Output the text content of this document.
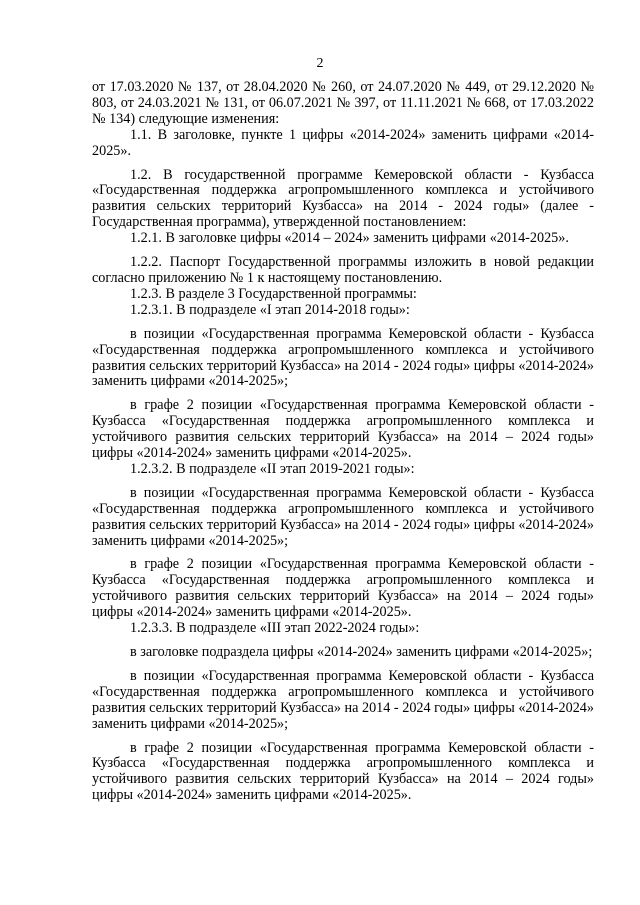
2

от 17.03.2020 № 137, от 28.04.2020 № 260, от 24.07.2020 № 449, от 29.12.2020 № 803, от 24.03.2021 № 131, от 06.07.2021 № 397, от 11.11.2021 № 668, от 17.03.2022 № 134) следующие изменения:

1.1. В заголовке, пункте 1 цифры «2014-2024» заменить цифрами «2014-2025».

1.2. В государственной программе Кемеровской области - Кузбасса «Государственная поддержка агропромышленного комплекса и устойчивого развития сельских территорий Кузбасса» на 2014 - 2024 годы» (далее - Государственная программа), утвержденной постановлением:

1.2.1. В заголовке цифры «2014 – 2024» заменить цифрами «2014-2025».

1.2.2. Паспорт Государственной программы изложить в новой редакции согласно приложению № 1 к настоящему постановлению.

1.2.3. В разделе 3 Государственной программы:

1.2.3.1. В подразделе «I этап 2014-2018 годы»:

в позиции «Государственная программа Кемеровской области - Кузбасса «Государственная поддержка агропромышленного комплекса и устойчивого развития сельских территорий Кузбасса» на 2014 - 2024 годы» цифры «2014-2024» заменить цифрами «2014-2025»;

в графе 2 позиции «Государственная программа Кемеровской области - Кузбасса «Государственная поддержка агропромышленного комплекса и устойчивого развития сельских территорий Кузбасса» на 2014 – 2024 годы» цифры «2014-2024» заменить цифрами «2014-2025».

1.2.3.2. В подразделе «II этап 2019-2021 годы»:

в позиции «Государственная программа Кемеровской области - Кузбасса «Государственная поддержка агропромышленного комплекса и устойчивого развития сельских территорий Кузбасса» на 2014 - 2024 годы» цифры «2014-2024» заменить цифрами «2014-2025»;

в графе 2 позиции «Государственная программа Кемеровской области - Кузбасса «Государственная поддержка агропромышленного комплекса и устойчивого развития сельских территорий Кузбасса» на 2014 – 2024 годы» цифры «2014-2024» заменить цифрами «2014-2025».

1.2.3.3. В подразделе «III этап 2022-2024 годы»:

в заголовке подраздела цифры «2014-2024» заменить цифрами «2014-2025»;

в позиции «Государственная программа Кемеровской области - Кузбасса «Государственная поддержка агропромышленного комплекса и устойчивого развития сельских территорий Кузбасса» на 2014 - 2024 годы» цифры «2014-2024» заменить цифрами «2014-2025»;

в графе 2 позиции «Государственная программа Кемеровской области - Кузбасса «Государственная поддержка агропромышленного комплекса и устойчивого развития сельских территорий Кузбасса» на 2014 – 2024 годы» цифры «2014-2024» заменить цифрами «2014-2025».
